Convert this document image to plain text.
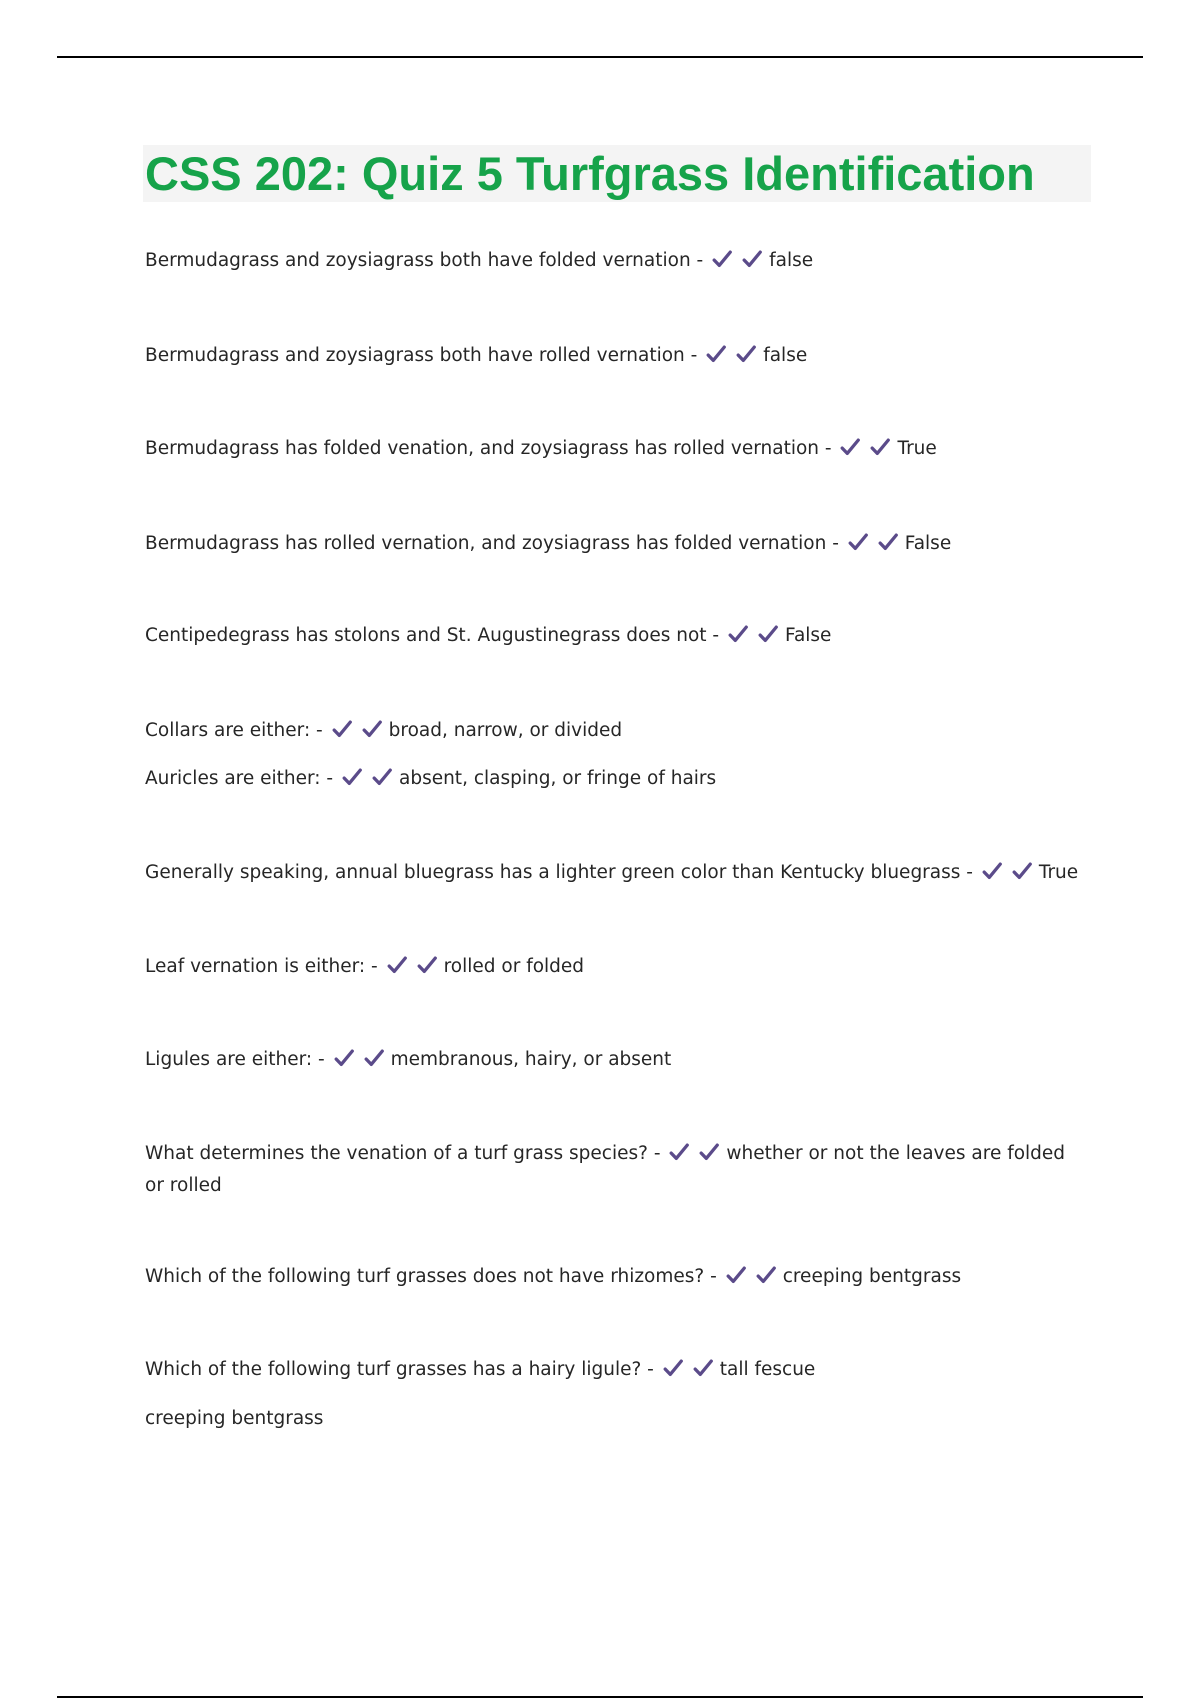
CSS 202: Quiz 5 Turfgrass Identification
Bermudagrass and zoysiagrass both have folded vernation -	false
Bermudagrass and zoysiagrass both have rolled vernation -	false
Bermudagrass has folded venation, and zoysiagrass has rolled vernation -	True
Bermudagrass has rolled vernation, and zoysiagrass has folded vernation -	False
Centipedegrass has stolons and St. Augustinegrass does not -	False
Collars are either: -	broad, narrow, or divided
Auricles are either: -	absent, clasping, or fringe of hairs
Generally speaking, annual bluegrass has a lighter green color than Kentucky bluegrass -	True
Leaf vernation is either: -	rolled or folded
Ligules are either: -	membranous, hairy, or absent
What determines the venation of a turf grass species? -	whether or not the leaves are folded or rolled
Which of the following turf grasses does not have rhizomes? -	creeping bentgrass
Which of the following turf grasses has a hairy ligule? -	tall fescue
creeping bentgrass
